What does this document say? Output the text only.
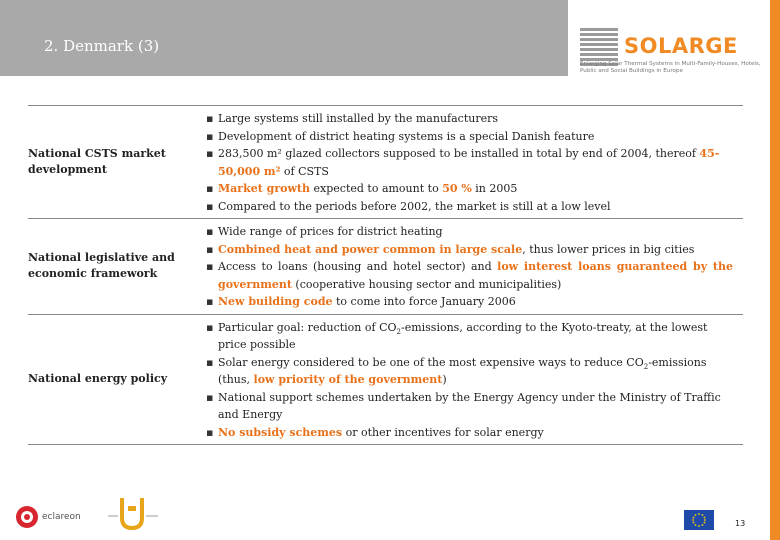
2. Denmark (3)	SOLARGE
Enlarging Solar Thermal Systems in Multi-Family-Houses, Hotels, Public and Social Buildings in Europe
National CSTS market development
▪ Large systems still installed by the manufacturers
▪ Development of district heating systems is a special Danish feature
▪ 283,500 m² glazed collectors supposed to be installed in total by end of 2004, thereof 45-50,000 m² of CSTS
▪ Market growth expected to amount to 50 % in 2005
▪ Compared to the periods before 2002, the market is still at a low level
National legislative and economic framework
▪ Wide range of prices for district heating
▪ Combined heat and power common in large scale, thus lower prices in big cities
▪ Access to loans (housing and hotel sector) and low interest loans guaranteed by the government (cooperative housing sector and municipalities)
▪ New building code to come into force January 2006
National energy policy
▪ Particular goal: reduction of $CO_2$-emissions, according to the Kyoto-treaty, at the lowest price possible
▪ Solar energy considered to be one of the most expensive ways to reduce $CO_2$-emissions (thus, low priority of the government)
▪ National support schemes undertaken by the Energy Agency under the Ministry of Traffic and Energy
▪ No subsidy schemes or other incentives for solar energy
eclareon
13
